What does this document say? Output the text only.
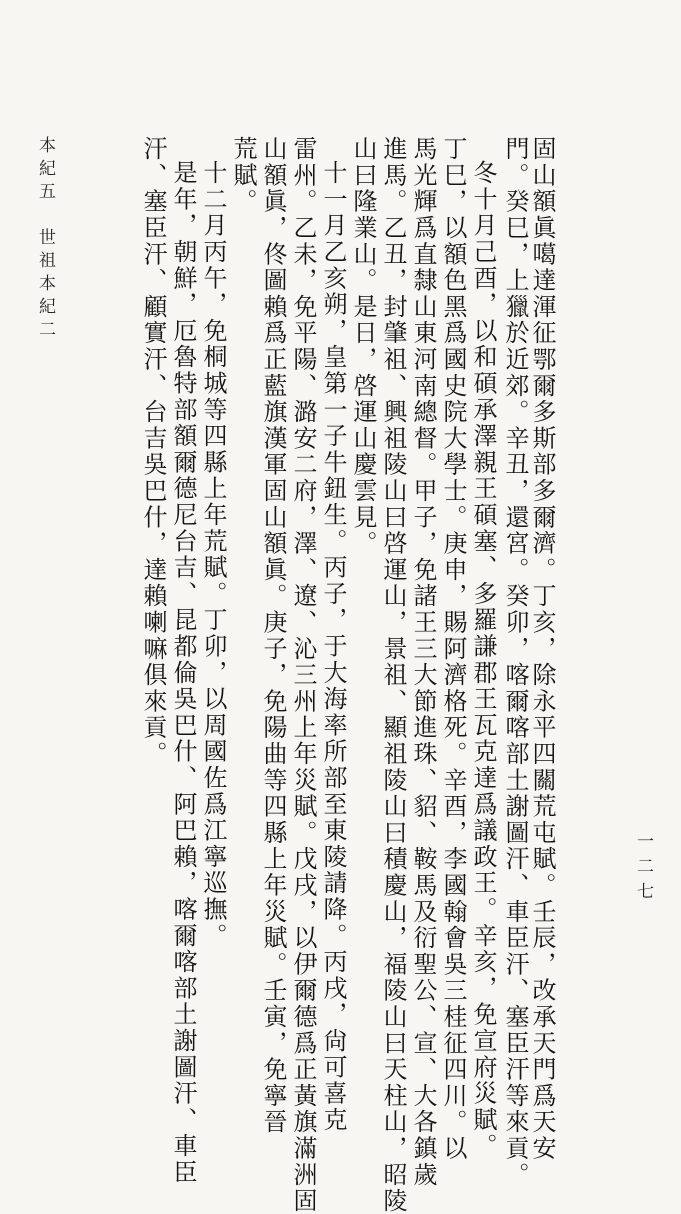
本紀五
世祖本紀二
一二七
固山額眞噶達渾征鄂爾多斯部多爾濟。丁亥，除永平四關荒屯賦。壬辰，改承天門爲天安
門。癸巳，上獵於近郊。辛丑，還宮。癸卯，喀爾喀部土謝圖汗、車臣汗、塞臣汗等來貢。
冬十月己酉，以和碩承澤親王碩塞、多羅謙郡王瓦克達爲議政王。辛亥，免宣府災賦。
丁巳，以額色黑爲國史院大學士。庚申，賜阿濟格死。辛酉，李國翰會吳三桂征四川。以
馬光輝爲直隸山東河南總督。甲子，免諸王三大節進珠、貂、鞍馬及衍聖公、宣、大各鎮歲
進馬。乙丑，封肇祖、興祖陵山曰啓運山，景祖、顯祖陵山曰積慶山，福陵山曰天柱山，昭陵
山曰隆業山。是日，啓運山慶雲見。
十一月乙亥朔，皇第一子牛鈕生。丙子，于大海率所部至東陵請降。丙戌，尙可喜克
雷州。乙未，免平陽、潞安二府，澤、遼、沁三州上年災賦。戊戌，以伊爾德爲正黃旗滿洲固
山額眞，佟圖賴爲正藍旗漢軍固山額眞。庚子，免陽曲等四縣上年災賦。壬寅，免寧晉
荒賦。
十二月丙午，免桐城等四縣上年荒賦。丁卯，以周國佐爲江寧巡撫。
是年，朝鮮，厄魯特部額爾德尼台吉、昆都倫吳巴什、阿巴賴，喀爾喀部土謝圖汗、車臣
汗、塞臣汗、顧實汗、台吉吳巴什，達賴喇嘛俱來貢。
